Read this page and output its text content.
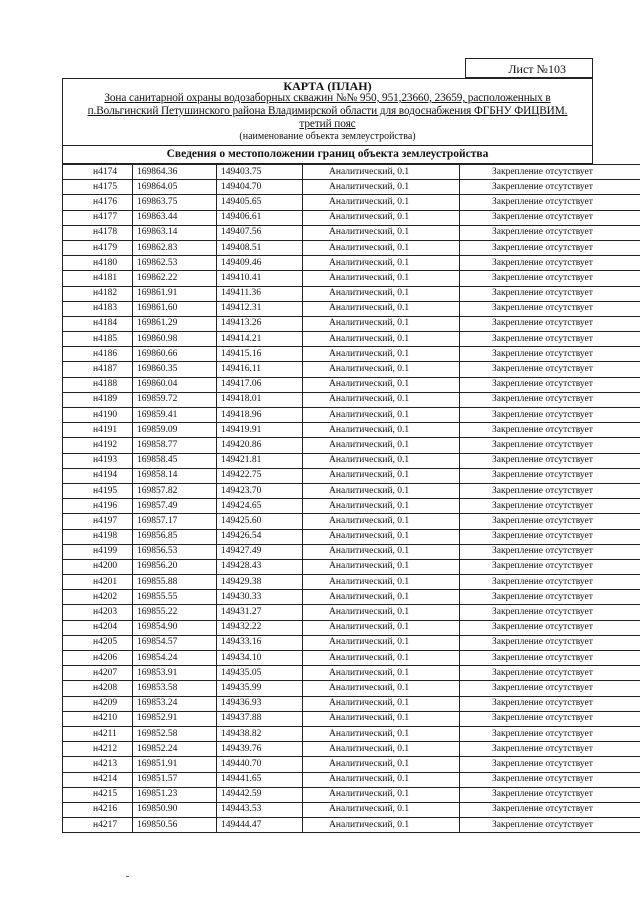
Лист №103
КАРТА (ПЛАН)
Зона санитарной охраны водозаборных скважин №№ 950, 951,23660, 23659, расположенных в
п.Вольгинский Петушинского района Владимирской области для водоснабжения ФГБНУ ФИЦВИМ.
третий пояс
(наименование объекта землеустройства)
Сведения о местоположении границ объекта землеустройства
н4174	169864.36	149403.75	Аналитический, 0.1	Закрепление отсутствует
н4175	169864.05	149404.70	Аналитический, 0.1	Закрепление отсутствует
н4176	169863.75	149405.65	Аналитический, 0.1	Закрепление отсутствует
н4177	169863.44	149406.61	Аналитический, 0.1	Закрепление отсутствует
н4178	169863.14	149407.56	Аналитический, 0.1	Закрепление отсутствует
н4179	169862.83	149408.51	Аналитический, 0.1	Закрепление отсутствует
н4180	169862.53	149409.46	Аналитический, 0.1	Закрепление отсутствует
н4181	169862.22	149410.41	Аналитический, 0.1	Закрепление отсутствует
н4182	169861.91	149411.36	Аналитический, 0.1	Закрепление отсутствует
н4183	169861.60	149412.31	Аналитический, 0.1	Закрепление отсутствует
н4184	169861.29	149413.26	Аналитический, 0.1	Закрепление отсутствует
н4185	169860.98	149414.21	Аналитический, 0.1	Закрепление отсутствует
н4186	169860.66	149415.16	Аналитический, 0.1	Закрепление отсутствует
н4187	169860.35	149416.11	Аналитический, 0.1	Закрепление отсутствует
н4188	169860.04	149417.06	Аналитический, 0.1	Закрепление отсутствует
н4189	169859.72	149418.01	Аналитический, 0.1	Закрепление отсутствует
н4190	169859.41	149418.96	Аналитический, 0.1	Закрепление отсутствует
н4191	169859.09	149419.91	Аналитический, 0.1	Закрепление отсутствует
н4192	169858.77	149420.86	Аналитический, 0.1	Закрепление отсутствует
н4193	169858.45	149421.81	Аналитический, 0.1	Закрепление отсутствует
н4194	169858.14	149422.75	Аналитический, 0.1	Закрепление отсутствует
н4195	169857.82	149423.70	Аналитический, 0.1	Закрепление отсутствует
н4196	169857.49	149424.65	Аналитический, 0.1	Закрепление отсутствует
н4197	169857.17	149425.60	Аналитический, 0.1	Закрепление отсутствует
н4198	169856.85	149426.54	Аналитический, 0.1	Закрепление отсутствует
н4199	169856.53	149427.49	Аналитический, 0.1	Закрепление отсутствует
н4200	169856.20	149428.43	Аналитический, 0.1	Закрепление отсутствует
н4201	169855.88	149429.38	Аналитический, 0.1	Закрепление отсутствует
н4202	169855.55	149430.33	Аналитический, 0.1	Закрепление отсутствует
н4203	169855.22	149431.27	Аналитический, 0.1	Закрепление отсутствует
н4204	169854.90	149432.22	Аналитический, 0.1	Закрепление отсутствует
н4205	169854.57	149433.16	Аналитический, 0.1	Закрепление отсутствует
н4206	169854.24	149434.10	Аналитический, 0.1	Закрепление отсутствует
н4207	169853.91	149435.05	Аналитический, 0.1	Закрепление отсутствует
н4208	169853.58	149435.99	Аналитический, 0.1	Закрепление отсутствует
н4209	169853.24	149436.93	Аналитический, 0.1	Закрепление отсутствует
н4210	169852.91	149437.88	Аналитический, 0.1	Закрепление отсутствует
н4211	169852.58	149438.82	Аналитический, 0.1	Закрепление отсутствует
н4212	169852.24	149439.76	Аналитический, 0.1	Закрепление отсутствует
н4213	169851.91	149440.70	Аналитический, 0.1	Закрепление отсутствует
н4214	169851.57	149441.65	Аналитический, 0.1	Закрепление отсутствует
н4215	169851.23	149442.59	Аналитический, 0.1	Закрепление отсутствует
н4216	169850.90	149443.53	Аналитический, 0.1	Закрепление отсутствует
н4217	169850.56	149444.47	Аналитический, 0.1	Закрепление отсутствует
